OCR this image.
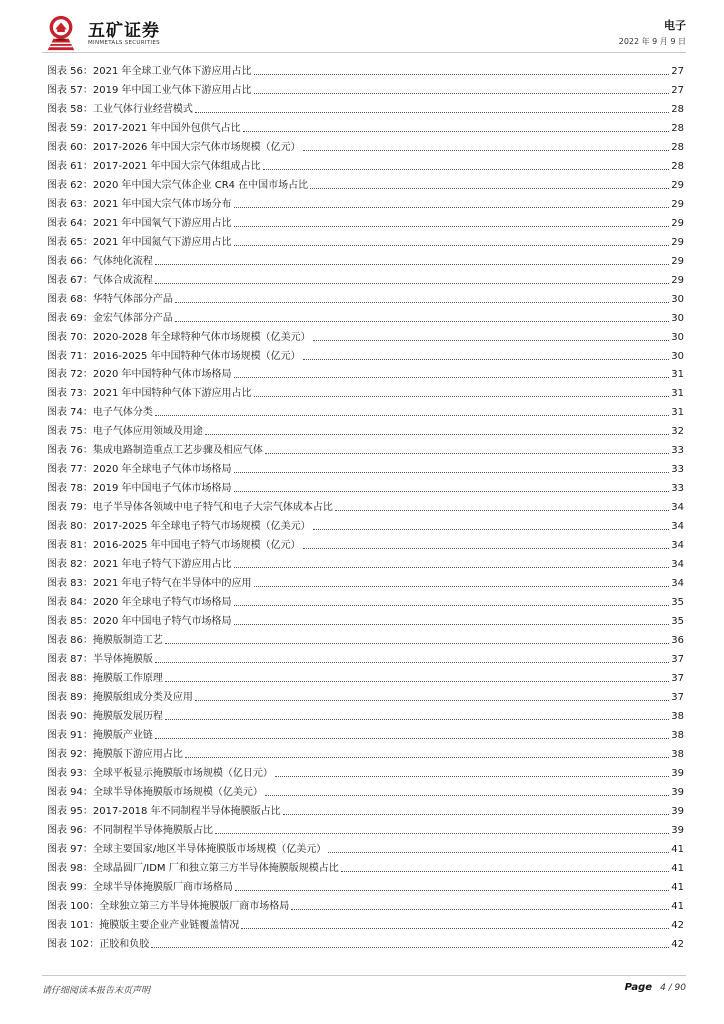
五矿证券
MINMETALS SECURITIES
电子
2022 年 9 月 9 日
图表 56：2021 年全球工业气体下游应用占比	27
图表 57：2019 年中国工业气体下游应用占比	27
图表 58：工业气体行业经营模式	28
图表 59：2017-2021 年中国外包供气占比	28
图表 60：2017-2026 年中国大宗气体市场规模（亿元）	28
图表 61：2017-2021 年中国大宗气体组成占比	28
图表 62：2020 年中国大宗气体企业 CR4 在中国市场占比	29
图表 63：2021 年中国大宗气体市场分布	29
图表 64：2021 年中国氧气下游应用占比	29
图表 65：2021 年中国氮气下游应用占比	29
图表 66：气体纯化流程	29
图表 67：气体合成流程	29
图表 68：华特气体部分产品	30
图表 69：金宏气体部分产品	30
图表 70：2020-2028 年全球特种气体市场规模（亿美元）	30
图表 71：2016-2025 年中国特种气体市场规模（亿元）	30
图表 72：2020 年中国特种气体市场格局	31
图表 73：2021 年中国特种气体下游应用占比	31
图表 74：电子气体分类	31
图表 75：电子气体应用领域及用途	32
图表 76：集成电路制造重点工艺步骤及相应气体	33
图表 77：2020 年全球电子气体市场格局	33
图表 78：2019 年中国电子气体市场格局	33
图表 79：电子半导体各领域中电子特气和电子大宗气体成本占比	34
图表 80：2017-2025 年全球电子特气市场规模（亿美元）	34
图表 81：2016-2025 年中国电子特气市场规模（亿元）	34
图表 82：2021 年电子特气下游应用占比	34
图表 83：2021 年电子特气在半导体中的应用	34
图表 84：2020 年全球电子特气市场格局	35
图表 85：2020 年中国电子特气市场格局	35
图表 86：掩膜版制造工艺	36
图表 87：半导体掩膜版	37
图表 88：掩膜版工作原理	37
图表 89：掩膜版组成分类及应用	37
图表 90：掩膜版发展历程	38
图表 91：掩膜版产业链	38
图表 92：掩膜版下游应用占比	38
图表 93：全球平板显示掩膜版市场规模（亿日元）	39
图表 94：全球半导体掩膜版市场规模（亿美元）	39
图表 95：2017-2018 年不同制程半导体掩膜版占比	39
图表 96：不同制程半导体掩膜版占比	39
图表 97：全球主要国家/地区半导体掩膜版市场规模（亿美元）	41
图表 98：全球晶圆厂/IDM 厂和独立第三方半导体掩膜版规模占比	41
图表 99：全球半导体掩膜版厂商市场格局	41
图表 100：全球独立第三方半导体掩膜版厂商市场格局	41
图表 101：掩膜版主要企业产业链覆盖情况	42
图表 102：正胶和负胶	42
请仔细阅读本报告末页声明	Page 4 / 90
